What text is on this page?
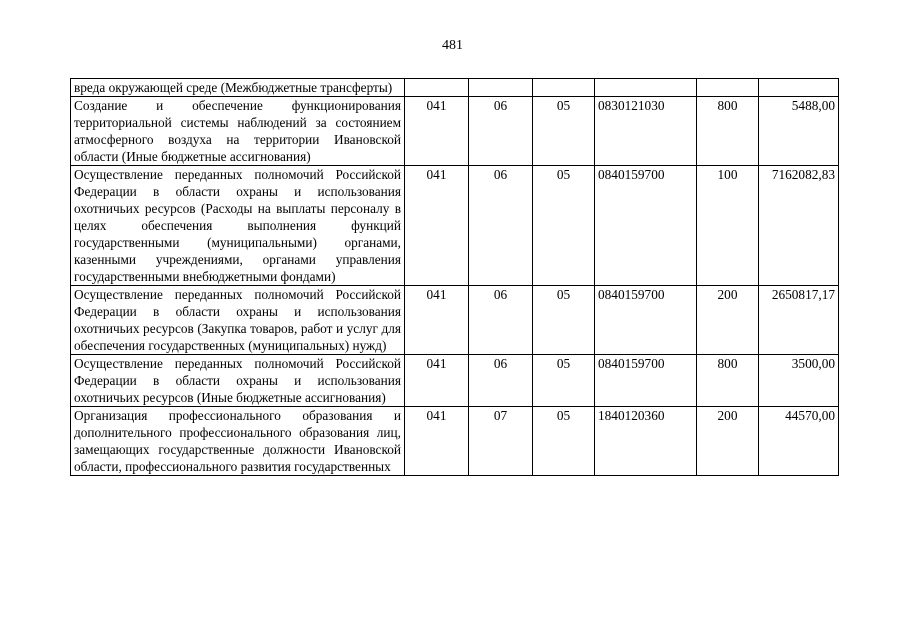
481
вреда окружающей среде (Межбюджетные трансферты)						
Создание и обеспечение функционирования территориальной системы наблюдений за состоянием атмосферного воздуха на территории Ивановской области (Иные бюджетные ассигнования)	041	06	05	0830121030	800	5488,00
Осуществление переданных полномочий Российской Федерации в области охраны и использования охотничьих ресурсов (Расходы на выплаты персоналу в целях обеспечения выполнения функций государственными (муниципальными) органами, казенными учреждениями, органами управления государственными внебюджетными фондами)	041	06	05	0840159700	100	7162082,83
Осуществление переданных полномочий Российской Федерации в области охраны и использования охотничьих ресурсов (Закупка товаров, работ и услуг для обеспечения государственных (муниципальных) нужд)	041	06	05	0840159700	200	2650817,17
Осуществление переданных полномочий Российской Федерации в области охраны и использования охотничьих ресурсов (Иные бюджетные ассигнования)	041	06	05	0840159700	800	3500,00
Организация профессионального образования и дополнительного профессионального образования лиц, замещающих государственные должности Ивановской области, профессионального развития государственных	041	07	05	1840120360	200	44570,00
